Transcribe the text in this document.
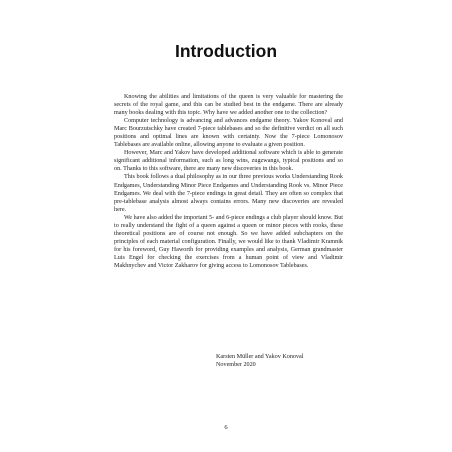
Introduction

Knowing the abilities and limitations of the queen is very valuable for mastering the secrets of the royal game, and this can be studied best in the endgame. There are already many books dealing with this topic. Why have we added another one to the collection?

Computer technology is advancing and advances endgame theory. Yakov Konoval and Marc Bourzutschky have created 7-piece tablebases and so the definitive verdict on all such positions and optimal lines are known with certainty. Now the 7-piece Lomonosov Tablebases are available online, allowing anyone to evaluate a given position.

However, Marc and Yakov have developed additional software which is able to generate significant additional information, such as long wins, zugzwangs, typical positions and so on. Thanks to this software, there are many new discoveries in this book.

This book follows a dual philosophy as in our three previous works Understanding Rook Endgames, Understanding Minor Piece Endgames and Understanding Rook vs. Minor Piece Endgames. We deal with the 7-piece endings in great detail. They are often so complex that pre-tablebase analysis almost always contains errors. Many new discoveries are revealed here.

We have also added the important 5- and 6-piece endings a club player should know. But to really understand the fight of a queen against a queen or minor pieces with rooks, these theoretical positions are of course not enough. So we have added subchapters on the principles of each material configuration. Finally, we would like to thank Vladimir Kramnik for his foreword, Guy Haworth for providing examples and analysis, German grandmaster Luis Engel for checking the exercises from a human point of view and Vladimir Makhnychev and Victor Zakharov for giving access to Lomonosov Tablebases.

Karsten Müller and Yakov Konoval
November 2020
6
